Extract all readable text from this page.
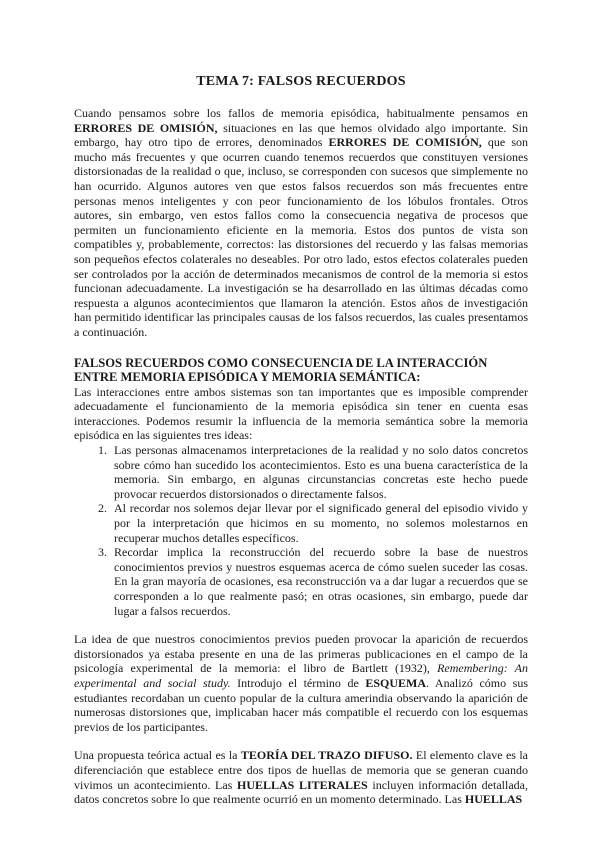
TEMA 7: FALSOS RECUERDOS

Cuando pensamos sobre los fallos de memoria episódica, habitualmente pensamos en ERRORES DE OMISIÓN, situaciones en las que hemos olvidado algo importante. Sin embargo, hay otro tipo de errores, denominados ERRORES DE COMISIÓN, que son mucho más frecuentes y que ocurren cuando tenemos recuerdos que constituyen versiones distorsionadas de la realidad o que, incluso, se corresponden con sucesos que simplemente no han ocurrido. Algunos autores ven que estos falsos recuerdos son más frecuentes entre personas menos inteligentes y con peor funcionamiento de los lóbulos frontales. Otros autores, sin embargo, ven estos fallos como la consecuencia negativa de procesos que permiten un funcionamiento eficiente en la memoria. Estos dos puntos de vista son compatibles y, probablemente, correctos: las distorsiones del recuerdo y las falsas memorias son pequeños efectos colaterales no deseables. Por otro lado, estos efectos colaterales pueden ser controlados por la acción de determinados mecanismos de control de la memoria si estos funcionan adecuadamente. La investigación se ha desarrollado en las últimas décadas como respuesta a algunos acontecimientos que llamaron la atención. Estos años de investigación han permitido identificar las principales causas de los falsos recuerdos, las cuales presentamos a continuación.

FALSOS RECUERDOS COMO CONSECUENCIA DE LA INTERACCIÓN ENTRE MEMORIA EPISÓDICA Y MEMORIA SEMÁNTICA:

Las interacciones entre ambos sistemas son tan importantes que es imposible comprender adecuadamente el funcionamiento de la memoria episódica sin tener en cuenta esas interacciones. Podemos resumir la influencia de la memoria semántica sobre la memoria episódica en las siguientes tres ideas:

1. Las personas almacenamos interpretaciones de la realidad y no solo datos concretos sobre cómo han sucedido los acontecimientos. Esto es una buena característica de la memoria. Sin embargo, en algunas circunstancias concretas este hecho puede provocar recuerdos distorsionados o directamente falsos.
2. Al recordar nos solemos dejar llevar por el significado general del episodio vivido y por la interpretación que hicimos en su momento, no solemos molestarnos en recuperar muchos detalles específicos.
3. Recordar implica la reconstrucción del recuerdo sobre la base de nuestros conocimientos previos y nuestros esquemas acerca de cómo suelen suceder las cosas. En la gran mayoría de ocasiones, esa reconstrucción va a dar lugar a recuerdos que se corresponden a lo que realmente pasó; en otras ocasiones, sin embargo, puede dar lugar a falsos recuerdos.

La idea de que nuestros conocimientos previos pueden provocar la aparición de recuerdos distorsionados ya estaba presente en una de las primeras publicaciones en el campo de la psicología experimental de la memoria: el libro de Bartlett (1932), Remembering: An experimental and social study. Introdujo el término de ESQUEMA. Analizó cómo sus estudiantes recordaban un cuento popular de la cultura amerindia observando la aparición de numerosas distorsiones que, implicaban hacer más compatible el recuerdo con los esquemas previos de los participantes.

Una propuesta teórica actual es la TEORÍA DEL TRAZO DIFUSO. El elemento clave es la diferenciación que establece entre dos tipos de huellas de memoria que se generan cuando vivimos un acontecimiento. Las HUELLAS LITERALES incluyen información detallada, datos concretos sobre lo que realmente ocurrió en un momento determinado. Las HUELLAS
